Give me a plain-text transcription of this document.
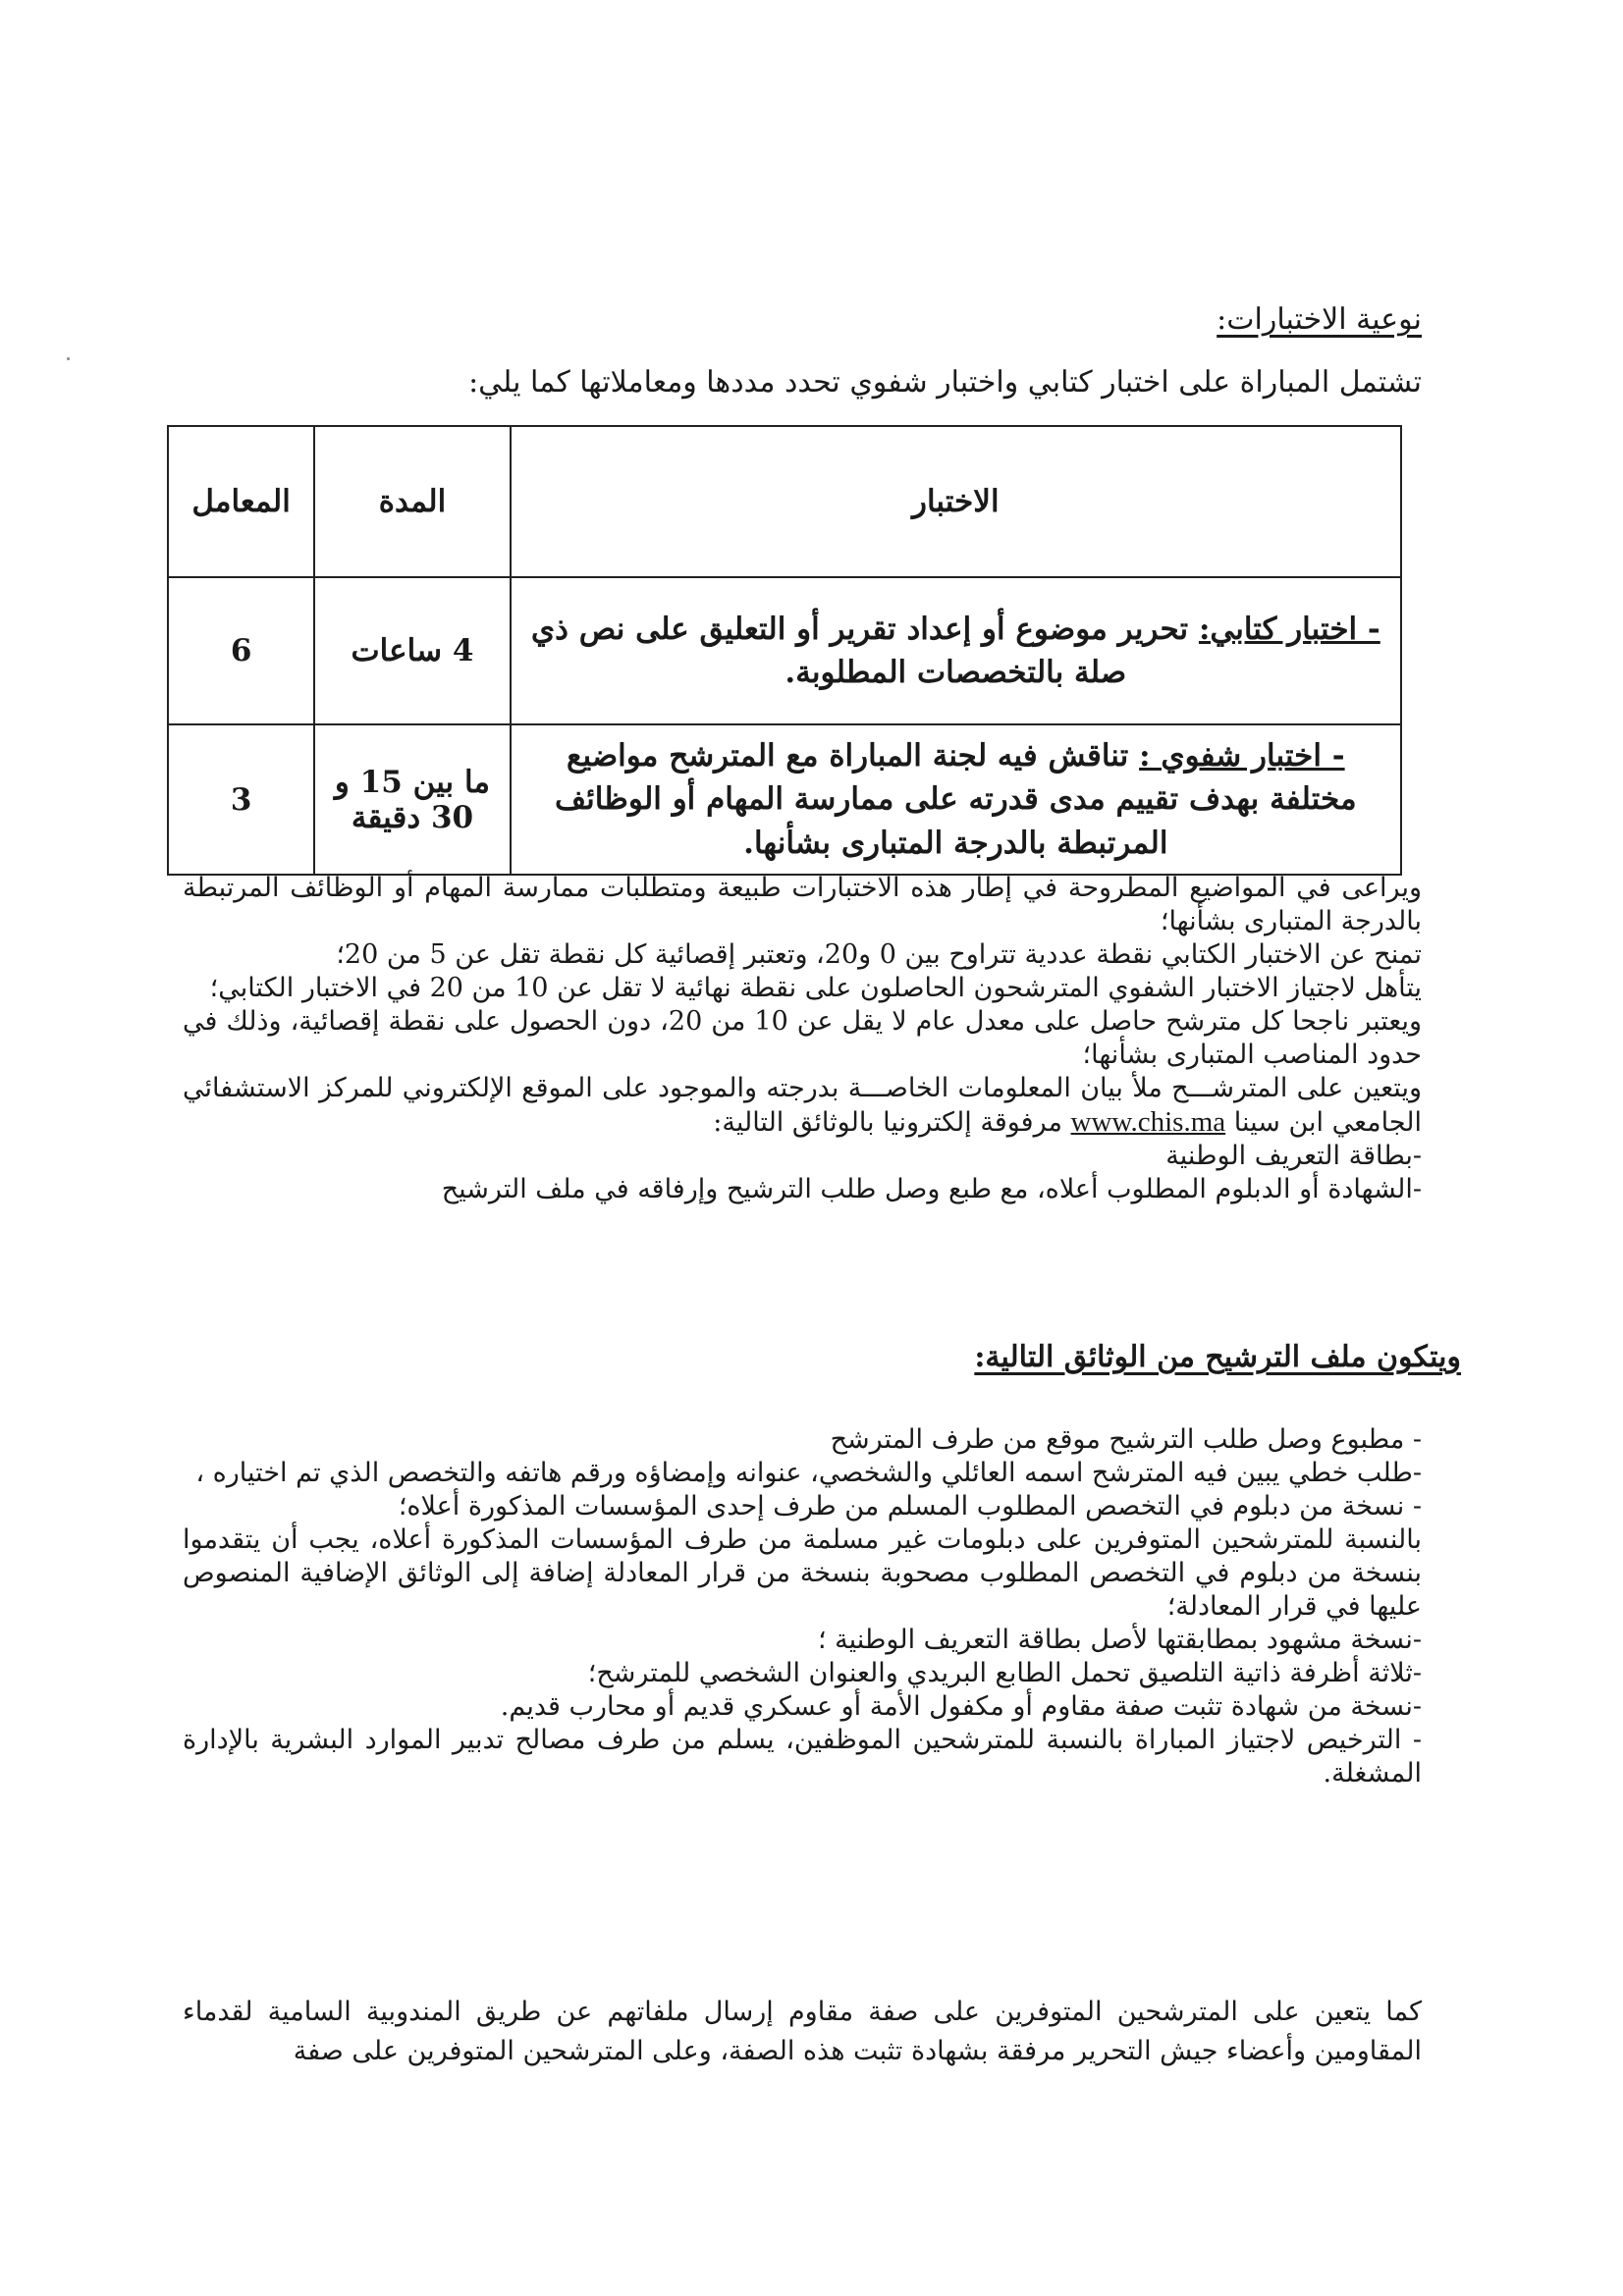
نوعية الاختبارات:
تشتمل المباراة على اختبار كتابي واختبار شفوي تحدد مددها ومعاملاتها كما يلي:
الاختبار	المدة	المعامل
- اختبار كتابي: تحرير موضوع أو إعداد تقرير أو التعليق على نص ذي صلة بالتخصصات المطلوبة.	4 ساعات	6
- اختبار شفوي : تناقش فيه لجنة المباراة مع المترشح مواضيع مختلفة بهدف تقييم مدى قدرته على ممارسة المهام أو الوظائف المرتبطة بالدرجة المتبارى بشأنها.	ما بين 15 و 30 دقيقة	3

ويراعى في المواضيع المطروحة في إطار هذه الاختبارات طبيعة ومتطلبات ممارسة المهام أو الوظائف المرتبطة بالدرجة المتبارى بشأنها؛

تمنح عن الاختبار الكتابي نقطة عددية تتراوح بين 0 و20، وتعتبر إقصائية كل نقطة تقل عن 5 من 20؛

يتأهل لاجتياز الاختبار الشفوي المترشحون الحاصلون على نقطة نهائية لا تقل عن 10 من 20 في الاختبار الكتابي؛

ويعتبر ناجحا كل مترشح حاصل على معدل عام لا يقل عن 10 من 20، دون الحصول على نقطة إقصائية، وذلك في حدود المناصب المتبارى بشأنها؛

ويتعين على المترشـــح ملأ بيان المعلومات الخاصـــة بدرجته والموجود على الموقع الإلكتروني للمركز الاستشفائي الجامعي ابن سينا www.chis.ma مرفوقة إلكترونيا بالوثائق التالية:

-بطاقة التعريف الوطنية

-الشهادة أو الدبلوم المطلوب أعلاه، مع طبع وصل طلب الترشيح وإرفاقه في ملف الترشيح

ويتكون ملف الترشيح من الوثائق التالية:

- مطبوع وصل طلب الترشيح موقع من طرف المترشح

-طلب خطي يبين فيه المترشح اسمه العائلي والشخصي، عنوانه وإمضاؤه ورقم هاتفه والتخصص الذي تم اختياره ،

- نسخة من دبلوم في التخصص المطلوب المسلم من طرف إحدى المؤسسات المذكورة أعلاه؛

بالنسبة للمترشحين المتوفرين على دبلومات غير مسلمة من طرف المؤسسات المذكورة أعلاه، يجب أن يتقدموا بنسخة من دبلوم في التخصص المطلوب مصحوبة بنسخة من قرار المعادلة إضافة إلى الوثائق الإضافية المنصوص عليها في قرار المعادلة؛

-نسخة مشهود بمطابقتها لأصل بطاقة التعريف الوطنية ؛

-ثلاثة أظرفة ذاتية التلصيق تحمل الطابع البريدي والعنوان الشخصي للمترشح؛

-نسخة من شهادة تثبت صفة مقاوم أو مكفول الأمة أو عسكري قديم أو محارب قديم.

- الترخيص لاجتياز المباراة بالنسبة للمترشحين الموظفين، يسلم من طرف مصالح تدبير الموارد البشرية بالإدارة المشغلة.

كما يتعين على المترشحين المتوفرين على صفة مقاوم إرسال ملفاتهم عن طريق المندوبية السامية لقدماء المقاومين وأعضاء جيش التحرير مرفقة بشهادة تثبت هذه الصفة، وعلى المترشحين المتوفرين على صفة
